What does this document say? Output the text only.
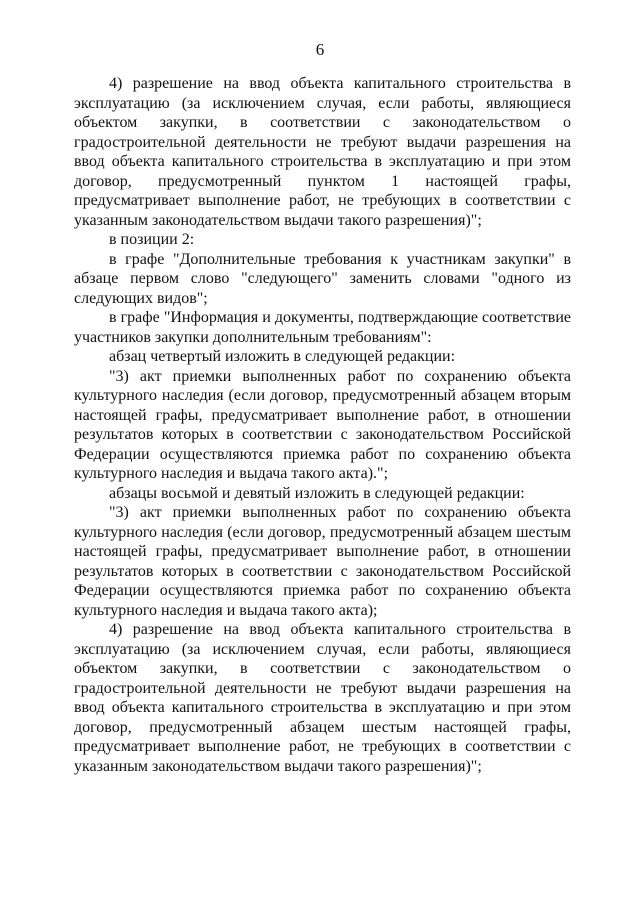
6

4) разрешение на ввод объекта капитального строительства в эксплуатацию (за исключением случая, если работы, являющиеся объектом закупки, в соответствии с законодательством о градостроительной деятельности не требуют выдачи разрешения на ввод объекта капитального строительства в эксплуатацию и при этом договор, предусмотренный пунктом 1 настоящей графы, предусматривает выполнение работ, не требующих в соответствии с указанным законодательством выдачи такого разрешения)";

в позиции 2:

в графе "Дополнительные требования к участникам закупки" в абзаце первом слово "следующего" заменить словами "одного из следующих видов";

в графе "Информация и документы, подтверждающие соответствие участников закупки дополнительным требованиям":

абзац четвертый изложить в следующей редакции:

"3) акт приемки выполненных работ по сохранению объекта культурного наследия (если договор, предусмотренный абзацем вторым настоящей графы, предусматривает выполнение работ, в отношении результатов которых в соответствии с законодательством Российской Федерации осуществляются приемка работ по сохранению объекта культурного наследия и выдача такого акта).";

абзацы восьмой и девятый изложить в следующей редакции:

"3) акт приемки выполненных работ по сохранению объекта культурного наследия (если договор, предусмотренный абзацем шестым настоящей графы, предусматривает выполнение работ, в отношении результатов которых в соответствии с законодательством Российской Федерации осуществляются приемка работ по сохранению объекта культурного наследия и выдача такого акта);

4) разрешение на ввод объекта капитального строительства в эксплуатацию (за исключением случая, если работы, являющиеся объектом закупки, в соответствии с законодательством о градостроительной деятельности не требуют выдачи разрешения на ввод объекта капитального строительства в эксплуатацию и при этом договор, предусмотренный абзацем шестым настоящей графы, предусматривает выполнение работ, не требующих в соответствии с указанным законодательством выдачи такого разрешения)";
